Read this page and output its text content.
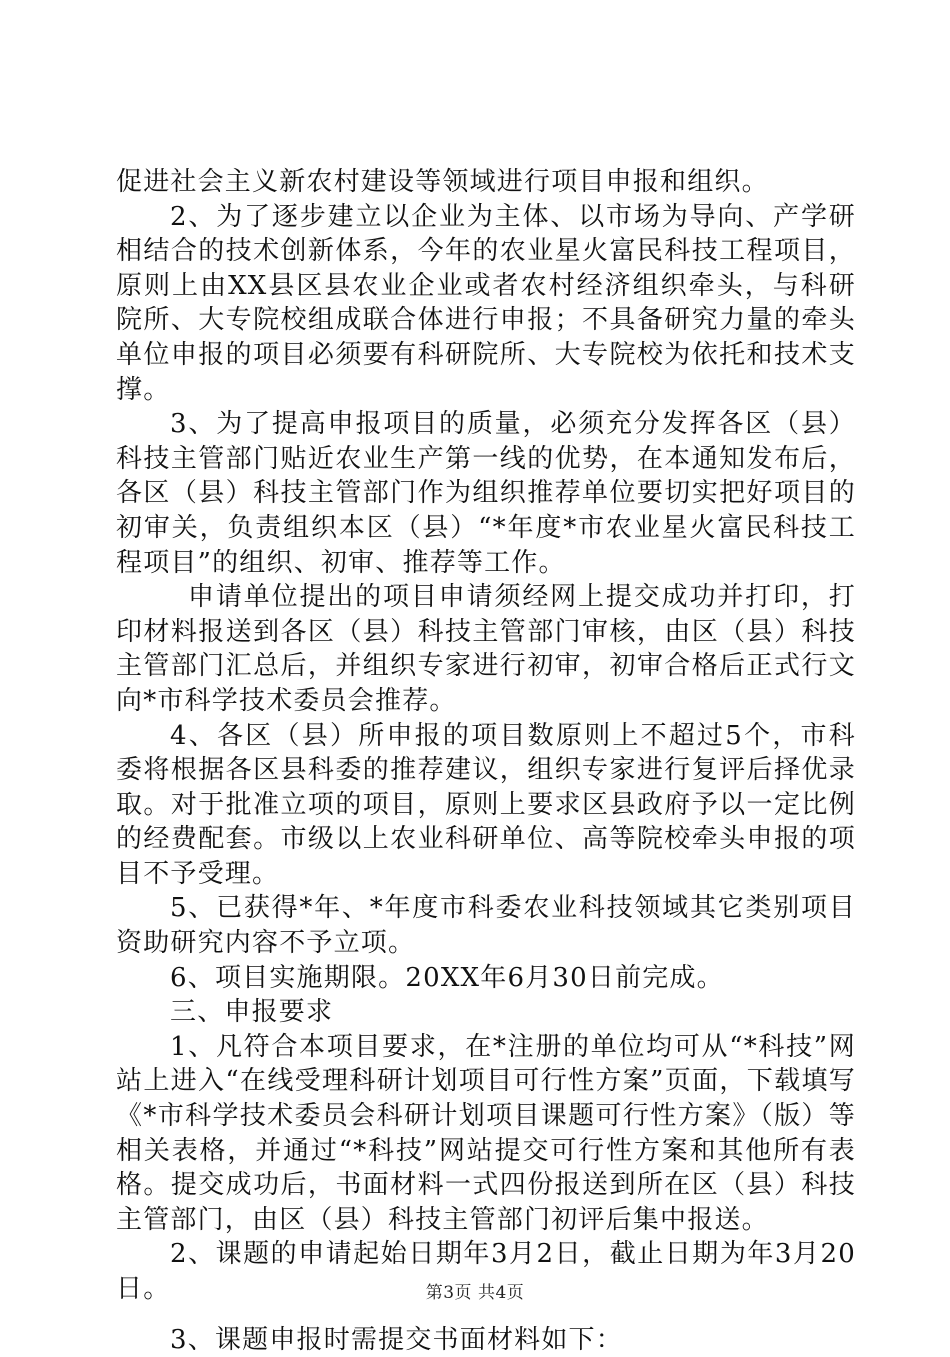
促进社会主义新农村建设等领域进行项目申报和组织。

2、为了逐步建立以企业为主体、以市场为导向、产学研相结合的技术创新体系，今年的农业星火富民科技工程项目，原则上由XX县区县农业企业或者农村经济组织牵头，与科研院所、大专院校组成联合体进行申报；不具备研究力量的牵头单位申报的项目必须要有科研院所、大专院校为依托和技术支撑。

3、为了提高申报项目的质量，必须充分发挥各区（县）科技主管部门贴近农业生产第一线的优势，在本通知发布后，各区（县）科技主管部门作为组织推荐单位要切实把好项目的初审关，负责组织本区（县）“*年度*市农业星火富民科技工程项目”的组织、初审、推荐等工作。

申请单位提出的项目申请须经网上提交成功并打印，打印材料报送到各区（县）科技主管部门审核，由区（县）科技主管部门汇总后，并组织专家进行初审，初审合格后正式行文向*市科学技术委员会推荐。

4、各区（县）所申报的项目数原则上不超过5个，市科委将根据各区县科委的推荐建议，组织专家进行复评后择优录取。对于批准立项的项目，原则上要求区县政府予以一定比例的经费配套。市级以上农业科研单位、高等院校牵头申报的项目不予受理。

5、已获得*年、*年度市科委农业科技领域其它类别项目资助研究内容不予立项。

6、项目实施期限。20XX年6月30日前完成。

三、申报要求

1、凡符合本项目要求，在*注册的单位均可从“*科技”网站上进入“在线受理科研计划项目可行性方案”页面，下载填写《*市科学技术委员会科研计划项目课题可行性方案》（版）等相关表格，并通过“*科技”网站提交可行性方案和其他所有表格。提交成功后，书面材料一式四份报送到所在区（县）科技主管部门，由区（县）科技主管部门初评后集中报送。

2、课题的申请起始日期年3月2日，截止日期为年3月20日。

3、课题申报时需提交书面材料如下：

第3页 共4页
